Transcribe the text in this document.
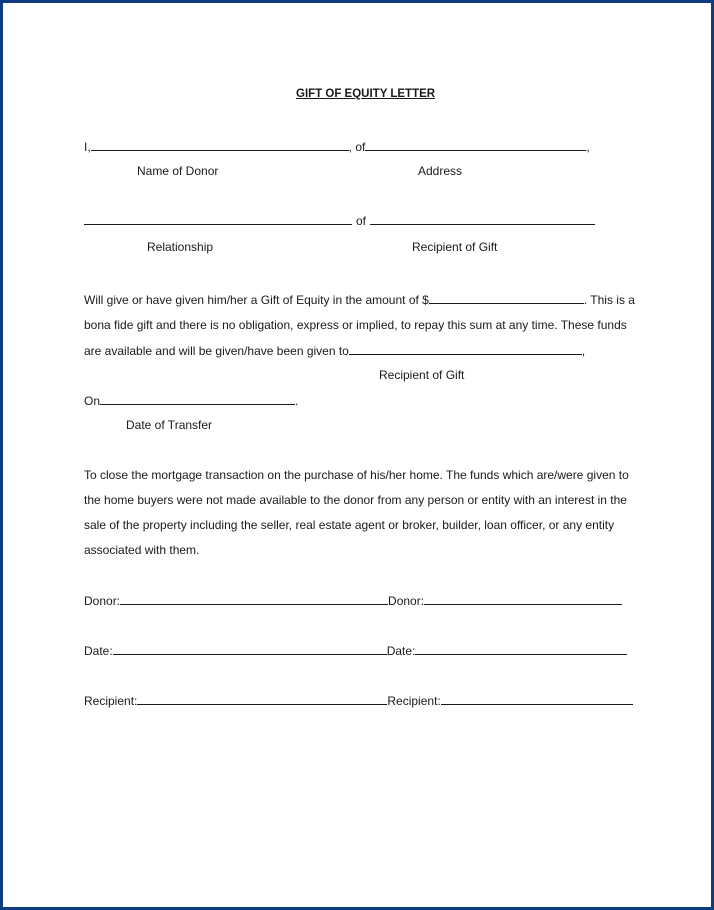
GIFT OF EQUITY LETTER
I,	, of	,
Name of Donor	Address
of
Relationship	Recipient of Gift
Will give or have given him/her a Gift of Equity in the amount of $	. This is a
bona fide gift and there is no obligation, express or implied, to repay this sum at any time. These funds
are available and will be given/have been given to	,
Recipient of Gift
On	.
Date of Transfer
To close the mortgage transaction on the purchase of his/her home. The funds which are/were given to
the home buyers were not made available to the donor from any person or entity with an interest in the
sale of the property including the seller, real estate agent or broker, builder, loan officer, or any entity
associated with them.
Donor:	Donor:
Date:	Date:
Recipient:	Recipient:
